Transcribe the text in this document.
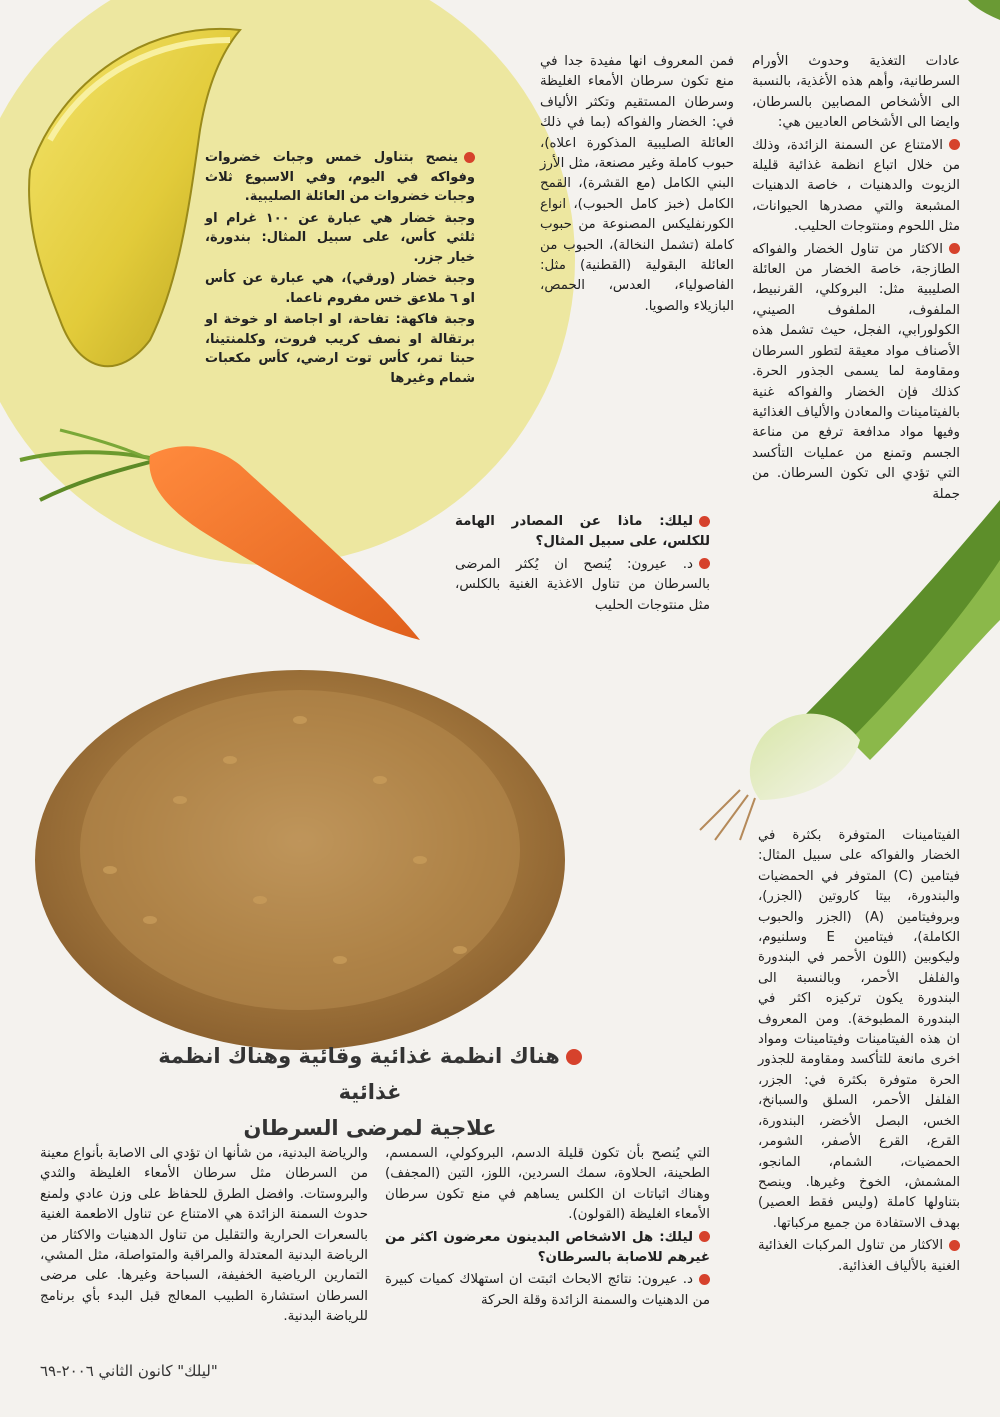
عادات التغذية وحدوث الأورام السرطانية، وأهم هذه الأغذية، بالنسبة الى الأشخاص المصابين بالسرطان، وايضا الى الأشخاص العاديين هي:

الامتناع عن السمنة الزائدة، وذلك من خلال اتباع انظمة غذائية قليلة الزيوت والدهنيات ، خاصة الدهنيات المشبعة والتي مصدرها الحيوانات، مثل اللحوم ومنتوجات الحليب.

الاكثار من تناول الخضار والفواكه الطازجة، خاصة الخضار من العائلة الصليبية مثل: البروكلي، القرنبيط، الملفوف، الملفوف الصيني، الكولورابي، الفجل، حيث تشمل هذه الأصناف مواد معيقة لتطور السرطان ومقاومة لما يسمى الجذور الحرة. كذلك فإن الخضار والفواكه غنية بالفيتامينات والمعادن والألياف الغذائية وفيها مواد مدافعة ترفع من مناعة الجسم وتمنع من عمليات التأكسد التي تؤدي الى تكون السرطان. من جملة

فمن المعروف انها مفيدة جدا في منع تكون سرطان الأمعاء الغليظة وسرطان المستقيم وتكثر الألياف في: الخضار والفواكه (بما في ذلك العائلة الصليبية المذكورة اعلاه)، حبوب كاملة وغير مصنعة، مثل الأرز البني الكامل (مع القشرة)، القمح الكامل (خبز كامل الحبوب)، انواع الكورنفليكس المصنوعة من حبوب كاملة (تشمل النخالة)، الحبوب من العائلة البقولية (القطنية) مثل: الفاصولياء، العدس، الحمص، البازيلاء والصويا.

ينصح بتناول خمس وجبات خضروات وفواكه في اليوم، وفي الاسبوع ثلاث وجبات خضروات من العائلة الصليبية.

وجبة خضار هي عبارة عن ١٠٠ غرام او ثلثي كأس، على سبيل المثال: بندورة، خيار جزر.

وجبة خضار (ورقي)، هي عبارة عن كأس او ٦ ملاعق خس مفروم ناعما.

وجبة فاكهة: تفاحة، او اجاصة او خوخة او برتقالة او نصف كريب فروت، وكلمنتينا، حبتا تمر، كأس توت ارضي، كأس مكعبات شمام وغيرها

ليلك: ماذا عن المصادر الهامة للكلس، على سبيل المثال؟

د. عيرون: يُنصح ان يُكثر المرضى بالسرطان من تناول الاغذية الغنية بالكلس، مثل منتوجات الحليب

الفيتامينات المتوفرة بكثرة في الخضار والفواكه على سبيل المثال: فيتامين (C) المتوفر في الحمضيات والبندورة، بيتا كاروتين (الجزر)، وبروفيتامين (A) (الجزر والحبوب الكاملة)، فيتامين E وسلنيوم، وليكوبين (اللون الأحمر في البندورة والفلفل الأحمر، وبالنسبة الى البندورة يكون تركيزه اكثر في البندورة المطبوخة). ومن المعروف ان هذه الفيتامينات وفيتامينات ومواد اخرى مانعة للتأكسد ومقاومة للجذور الحرة متوفرة بكثرة في: الجزر، الفلفل الأحمر، السلق والسبانخ، الخس، البصل الأخضر، البندورة، القرع، القرع الأصفر، الشومر، الحمضيات، الشمام، المانجو، المشمش، الخوخ وغيرها. وينصح بتناولها كاملة (وليس فقط العصير) بهدف الاستفادة من جميع مركباتها.

الاكثار من تناول المركبات الغذائية الغنية بالألياف الغذائية.

هناك انظمة غذائية وقائية وهناك انظمة غذائية
علاجية لمرضى السرطان

التي يُنصح بأن تكون قليلة الدسم، البروكولي، السمسم، الطحينة، الحلاوة، سمك السردين، اللوز، التين (المجفف) وهناك اثباتات ان الكلس يساهم في منع تكون سرطان الأمعاء الغليظة (القولون).

ليلك: هل الاشخاص البدينون معرضون اكثر من غيرهم للاصابة بالسرطان؟

د. عيرون: نتائج الابحاث اثبتت ان استهلاك كميات كبيرة من الدهنيات والسمنة الزائدة وقلة الحركة

والرياضة البدنية، من شأنها ان تؤدي الى الاصابة بأنواع معينة من السرطان مثل سرطان الأمعاء الغليظة والثدي والبروستات. وافضل الطرق للحفاظ على وزن عادي ولمنع حدوث السمنة الزائدة هي الامتناع عن تناول الاطعمة الغنية بالسعرات الحرارية والتقليل من تناول الدهنيات والاكثار من الرياضة البدنية المعتدلة والمراقبة والمتواصلة، مثل المشي، التمارين الرياضية الخفيفة، السباحة وغيرها. على مرضى السرطان استشارة الطبيب المعالج قبل البدء بأي برنامج للرياضة البدنية.

"ليلك" كانون الثاني ٢٠٠٦-٦٩
